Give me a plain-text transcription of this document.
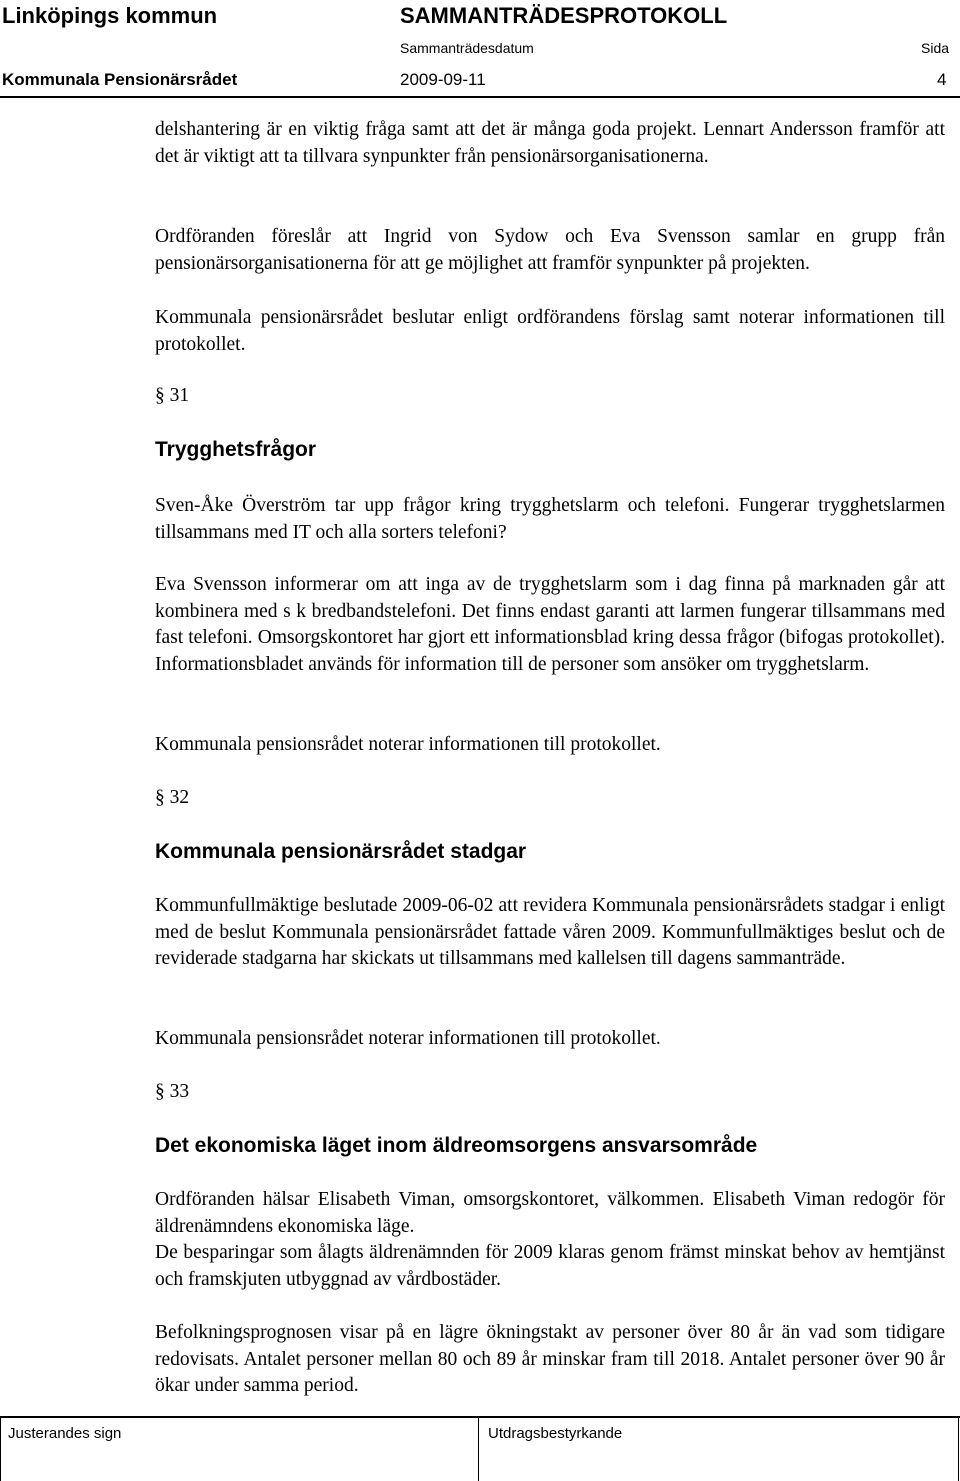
Linköpings kommun	SAMMANTRÄDESPROTOKOLL
Sammanträdesdatum	Sida
Kommunala Pensionärsrådet	2009-09-11	4

delshantering är en viktig fråga samt att det är många goda projekt. Lennart Andersson framför att det är viktigt att ta tillvara synpunkter från pensionärsorganisationerna.

Ordföranden föreslår att Ingrid von Sydow och Eva Svensson samlar en grupp från pensionärsorganisationerna för att ge möjlighet att framför synpunkter på projekten.

Kommunala pensionärsrådet beslutar enligt ordförandens förslag samt noterar informationen till protokollet.

§ 31
Trygghetsfrågor

Sven-Åke Överström tar upp frågor kring trygghetslarm och telefoni. Fungerar trygghetslarmen tillsammans med IT och alla sorters telefoni?

Eva Svensson informerar om att inga av de trygghetslarm som i dag finna på marknaden går att kombinera med s k bredbandstelefoni. Det finns endast garanti att larmen fungerar tillsammans med fast telefoni. Omsorgskontoret har gjort ett informationsblad kring dessa frågor (bifogas protokollet). Informationsbladet används för information till de personer som ansöker om trygghetslarm.

Kommunala pensionsrådet noterar informationen till protokollet.

§ 32
Kommunala pensionärsrådet stadgar

Kommunfullmäktige beslutade 2009-06-02 att revidera Kommunala pensionärsrådets stadgar i enligt med de beslut Kommunala pensionärsrådet fattade våren 2009. Kommunfullmäktiges beslut och de reviderade stadgarna har skickats ut tillsammans med kallelsen till dagens sammanträde.

Kommunala pensionsrådet noterar informationen till protokollet.

§ 33
Det ekonomiska läget inom äldreomsorgens ansvarsområde

Ordföranden hälsar Elisabeth Viman, omsorgskontoret, välkommen. Elisabeth Viman redogör för äldrenämndens ekonomiska läge.

De besparingar som ålagts äldrenämnden för 2009 klaras genom främst minskat behov av hemtjänst och framskjuten utbyggnad av vårdbostäder.

Befolkningsprognosen visar på en lägre ökningstakt av personer över 80 år än vad som tidigare redovisats. Antalet personer mellan 80 och 89 år minskar fram till 2018. Antalet personer över 90 år ökar under samma period.

Justerandes sign	Utdragsbestyrkande
